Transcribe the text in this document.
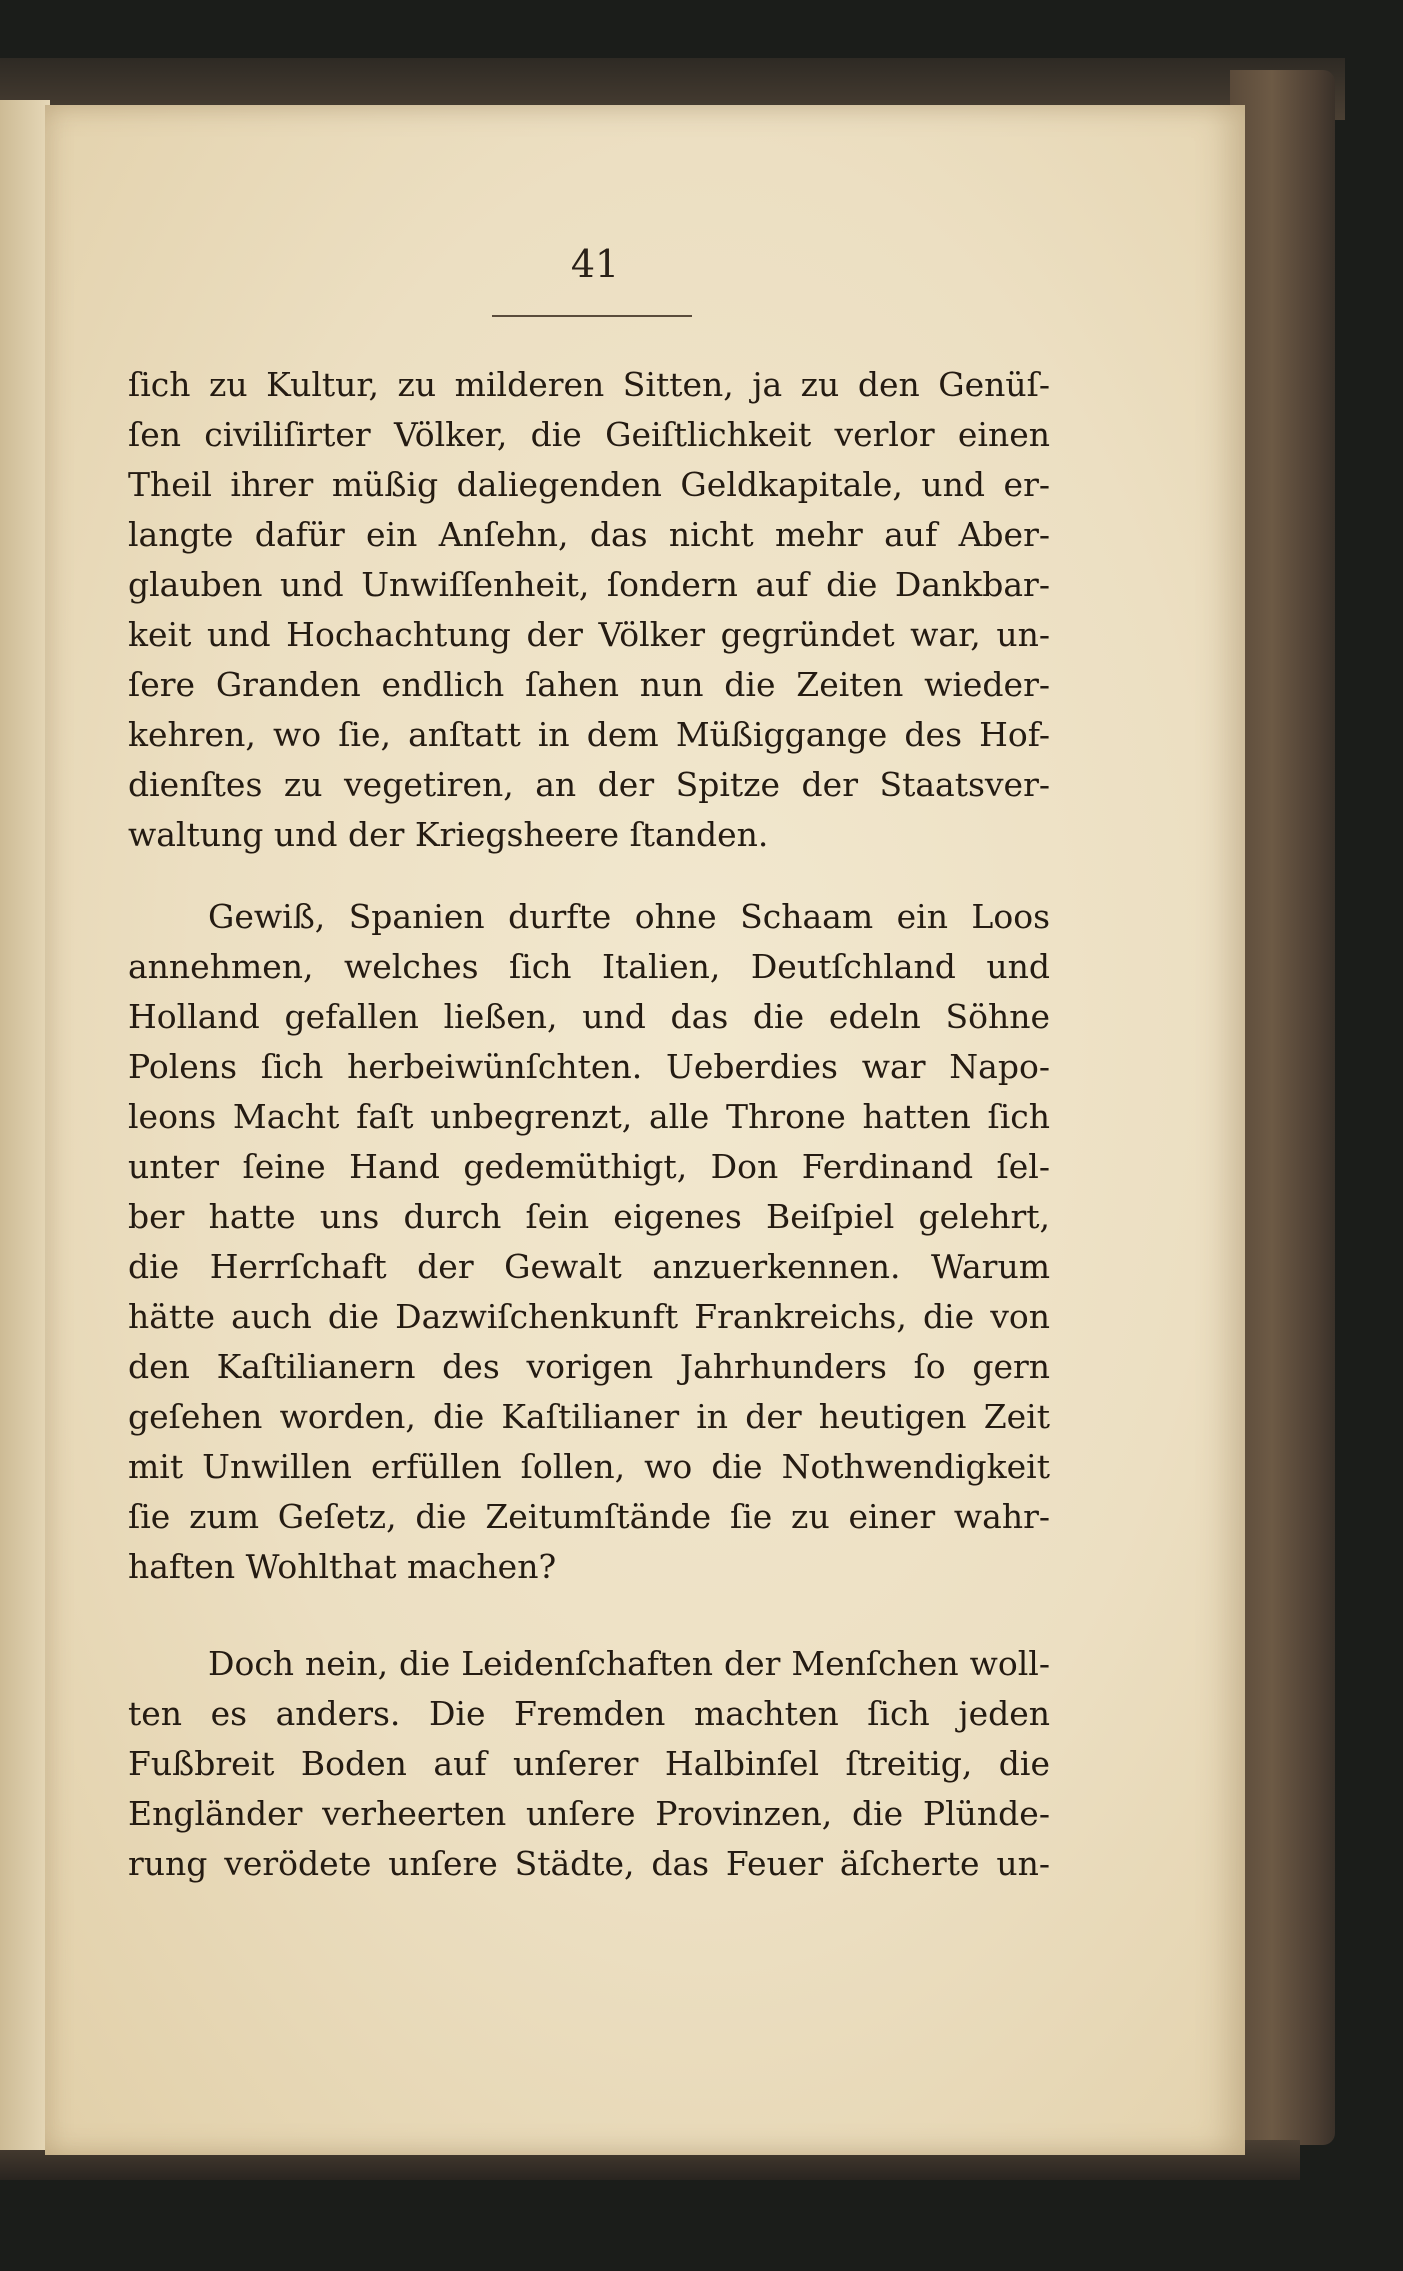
41
ſich zu Kultur, zu milderen Sitten, ja zu den Genüſ-
ſen civiliſirter Völker, die Geiſtlichkeit verlor einen
Theil ihrer müßig daliegenden Geldkapitale, und er-
langte dafür ein Anſehn, das nicht mehr auf Aber-
glauben und Unwiſſenheit, ſondern auf die Dankbar-
keit und Hochachtung der Völker gegründet war, un-
ſere Granden endlich ſahen nun die Zeiten wieder-
kehren, wo ſie, anſtatt in dem Müßiggange des Hof-
dienſtes zu vegetiren, an der Spitze der Staatsver-
waltung und der Kriegsheere ſtanden.
Gewiß, Spanien durfte ohne Schaam ein Loos
annehmen, welches ſich Italien, Deutſchland und
Holland gefallen ließen, und das die edeln Söhne
Polens ſich herbeiwünſchten. Ueberdies war Napo-
leons Macht faſt unbegrenzt, alle Throne hatten ſich
unter ſeine Hand gedemüthigt, Don Ferdinand ſel-
ber hatte uns durch ſein eigenes Beiſpiel gelehrt,
die Herrſchaft der Gewalt anzuerkennen. Warum
hätte auch die Dazwiſchenkunft Frankreichs, die von
den Kaſtilianern des vorigen Jahrhunders ſo gern
geſehen worden, die Kaſtilianer in der heutigen Zeit
mit Unwillen erfüllen ſollen, wo die Nothwendigkeit
ſie zum Geſetz, die Zeitumſtände ſie zu einer wahr-
haften Wohlthat machen?
Doch nein, die Leidenſchaften der Menſchen woll-
ten es anders. Die Fremden machten ſich jeden
Fußbreit Boden auf unſerer Halbinſel ſtreitig, die
Engländer verheerten unſere Provinzen, die Plünde-
rung verödete unſere Städte, das Feuer äſcherte un-
